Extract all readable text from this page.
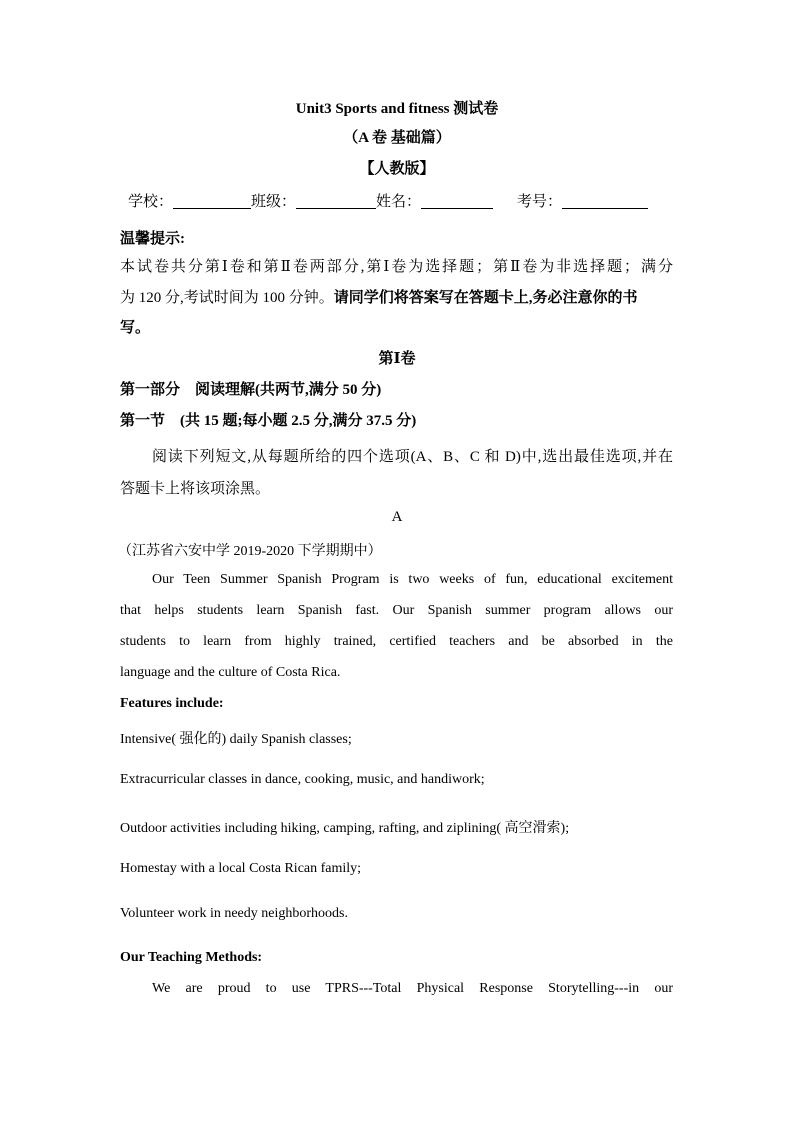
Unit3 Sports and fitness 测试卷
（A 卷 基础篇）
【人教版】
学校：	班级：	姓名：	考号：
温馨提示:
本试卷共分第Ⅰ卷和第Ⅱ卷两部分,第Ⅰ卷为选择题；第Ⅱ卷为非选择题；满分
为 120 分,考试时间为 100 分钟。请同学们将答案写在答题卡上,务必注意你的书
写。
第Ⅰ卷
第一部分　阅读理解(共两节,满分 50 分)
第一节　(共 15 题;每小题 2.5 分,满分 37.5 分)
阅读下列短文,从每题所给的四个选项(A、B、C 和 D)中,选出最佳选项,并在
答题卡上将该项涂黑。
A
（江苏省六安中学 2019-2020 下学期期中）
Our Teen Summer Spanish Program is two weeks of fun, educational excitement
that helps students learn Spanish fast. Our Spanish summer program allows our
students to learn from highly trained, certified teachers and be absorbed in the
language and the culture of Costa Rica.
Features include:
Intensive( 强化的) daily Spanish classes;
Extracurricular classes in dance, cooking, music, and handiwork;
Outdoor activities including hiking, camping, rafting, and ziplining( 高空滑索);
Homestay with a local Costa Rican family;
Volunteer work in needy neighborhoods.
Our Teaching Methods:
We are proud to use TPRS---Total Physical Response Storytelling---in our
